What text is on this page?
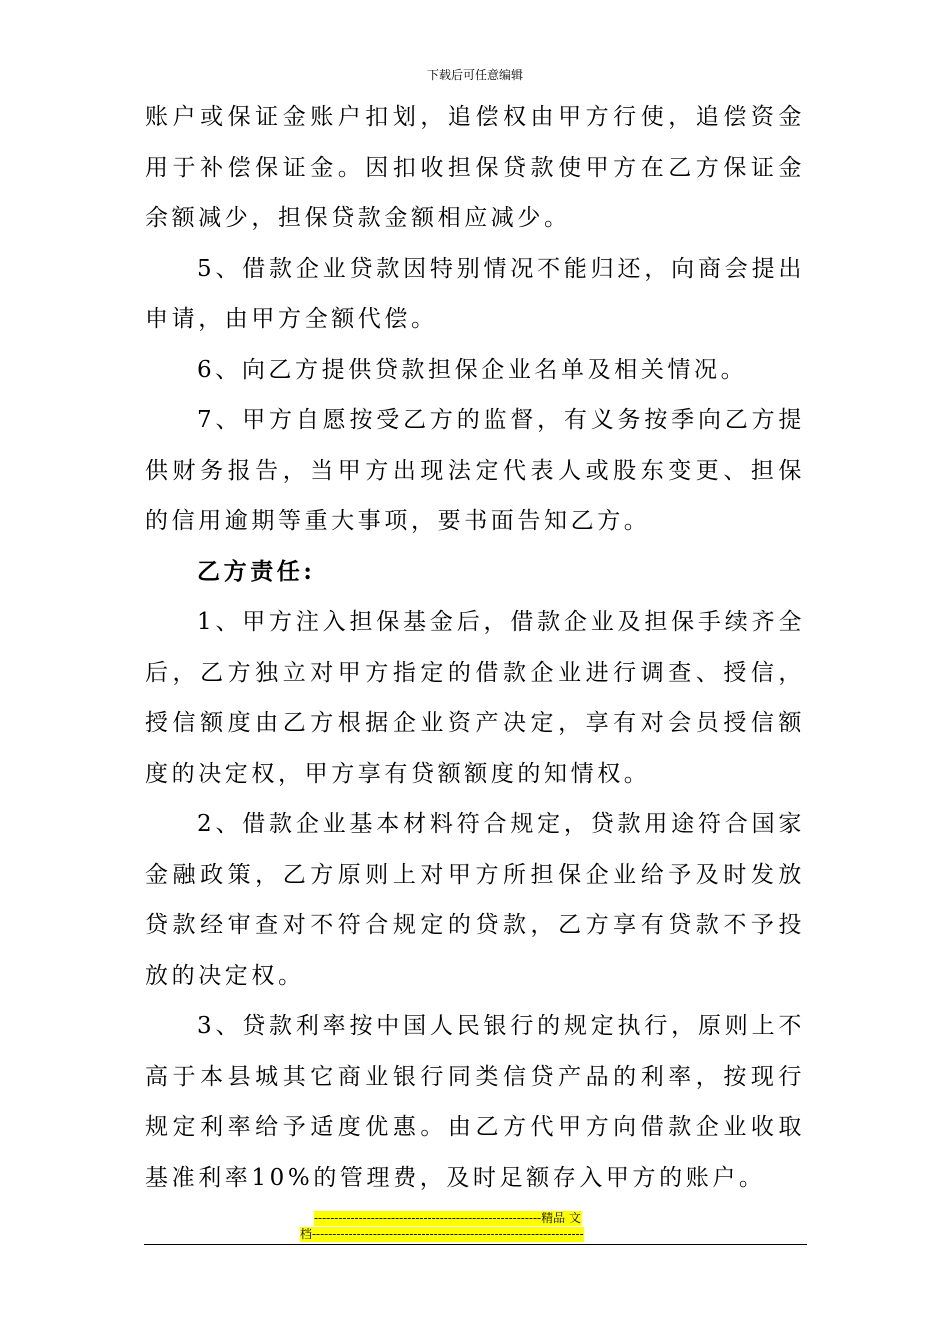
下载后可任意编辑

账户或保证金账户扣划，追偿权由甲方行使，追偿资金用于补偿保证金。因扣收担保贷款使甲方在乙方保证金余额减少，担保贷款金额相应减少。

5、借款企业贷款因特别情况不能归还，向商会提出申请，由甲方全额代偿。

6、向乙方提供贷款担保企业名单及相关情况。

7、甲方自愿按受乙方的监督，有义务按季向乙方提供财务报告，当甲方出现法定代表人或股东变更、担保的信用逾期等重大事项，要书面告知乙方。

乙方责任:

1、甲方注入担保基金后，借款企业及担保手续齐全后，乙方独立对甲方指定的借款企业进行调查、授信，授信额度由乙方根据企业资产决定，享有对会员授信额度的决定权，甲方享有贷额额度的知情权。

2、借款企业基本材料符合规定，贷款用途符合国家金融政策，乙方原则上对甲方所担保企业给予及时发放贷款经审查对不符合规定的贷款，乙方享有贷款不予投放的决定权。

3、贷款利率按中国人民银行的规定执行，原则上不高于本县城其它商业银行同类信贷产品的利率，按现行规定利率给予适度优惠。由乙方代甲方向借款企业收取基准利率10%的管理费，及时足额存入甲方的账户。

--------------------------------------------------------精品 文
档-------------------------------------------------------------------
